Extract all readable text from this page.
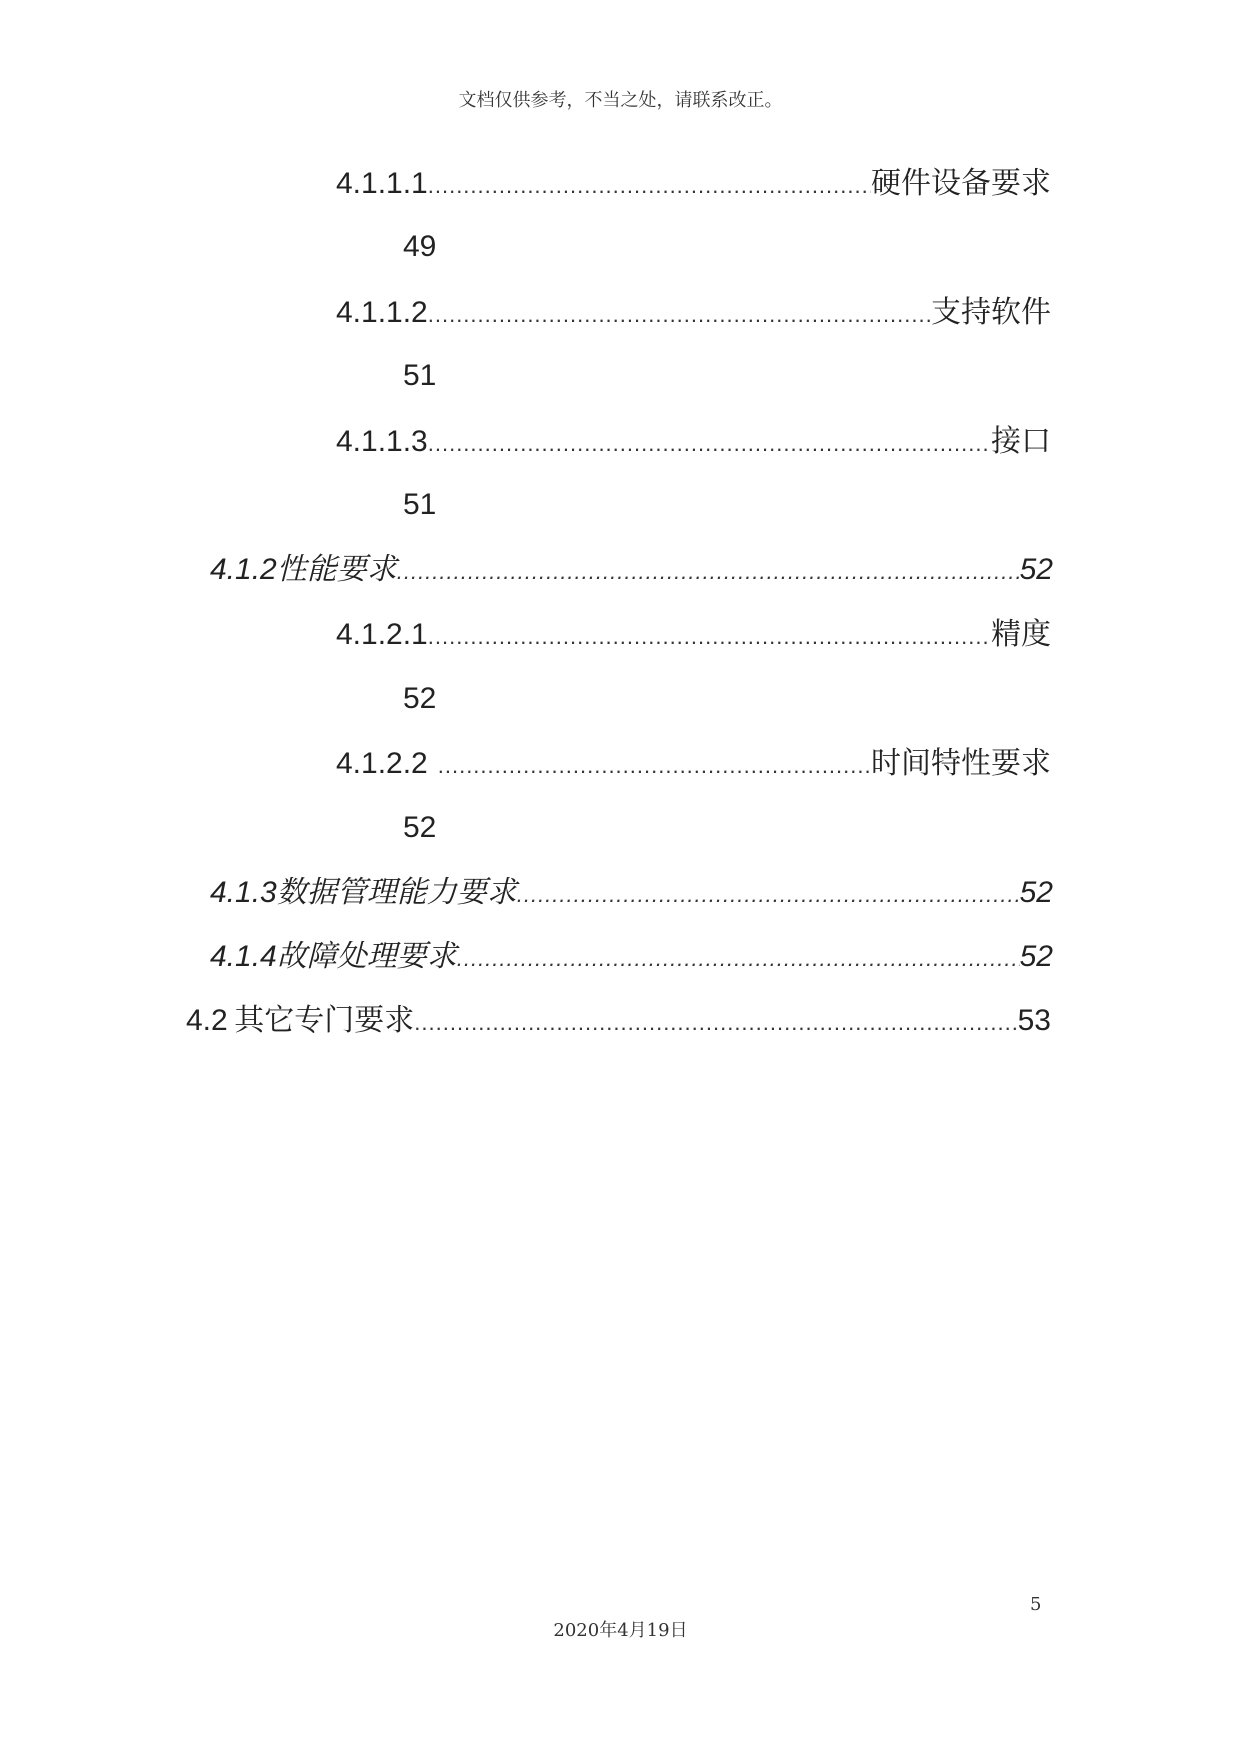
文档仅供参考，不当之处，请联系改正。
4.1.1.1 .....	硬件设备要求
49
4.1.1.2 .....	支持软件
51
4.1.1.3 .....	接口
51
4.1.2 性能要求 .....	52
4.1.2.1 .....	精度
52
4.1.2.2 .....	时间特性要求
52
4.1.3 数据管理能力要求 .....	52
4.1.4 故障处理要求 .....	52
4.2 其它专门要求 .....	53
5
2020年4月19日
